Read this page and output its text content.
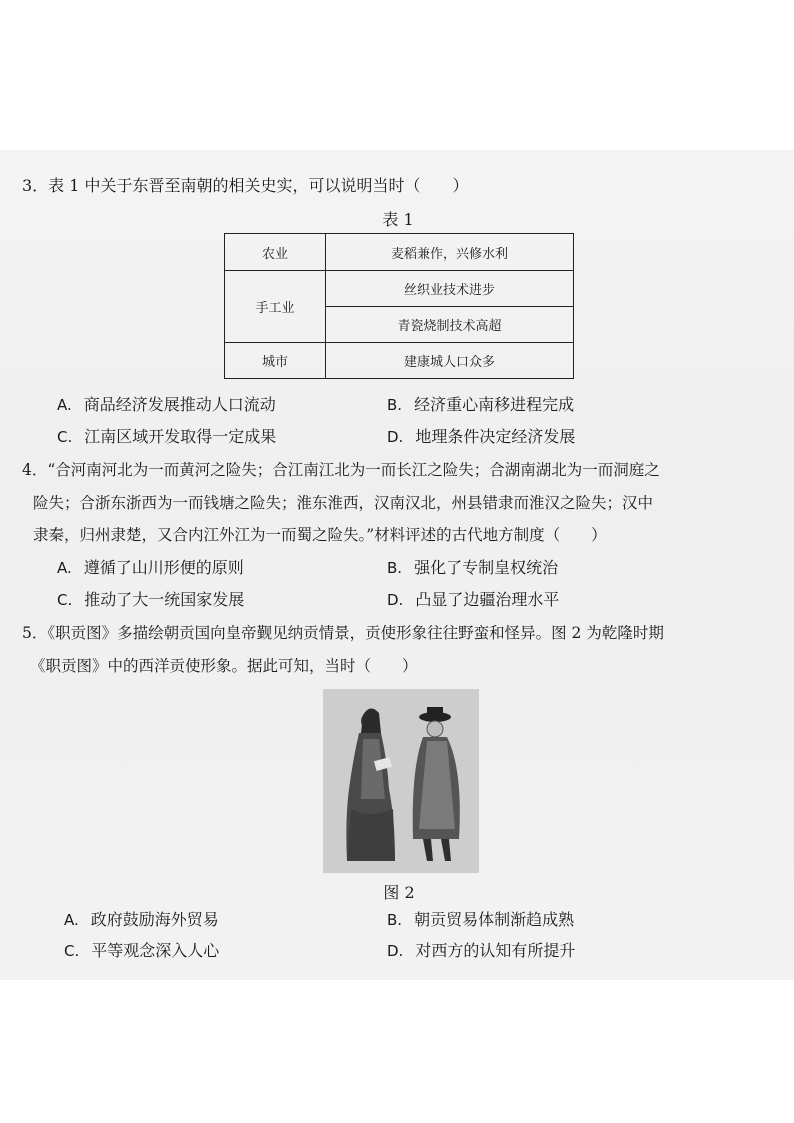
3．表 1 中关于东晋至南朝的相关史实，可以说明当时（　　）
表 1
农业	麦稻兼作，兴修水利
手工业	丝织业技术进步
	青瓷烧制技术高超
城市	建康城人口众多
A. 商品经济发展推动人口流动	B. 经济重心南移进程完成
C. 江南区域开发取得一定成果	D. 地理条件决定经济发展
4．“合河南河北为一而黄河之险失；合江南江北为一而长江之险失；合湖南湖北为一而洞庭之
险失；合浙东浙西为一而钱塘之险失；淮东淮西，汉南汉北，州县错隶而淮汉之险失；汉中
隶秦，归州隶楚，又合内江外江为一而蜀之险失。”材料评述的古代地方制度（　　）
A. 遵循了山川形便的原则	B. 强化了专制皇权统治
C. 推动了大一统国家发展	D. 凸显了边疆治理水平
5．《职贡图》多描绘朝贡国向皇帝觐见纳贡情景，贡使形象往往野蛮和怪异。图 2 为乾隆时期
《职贡图》中的西洋贡使形象。据此可知，当时（　　）
图 2
A. 政府鼓励海外贸易	B. 朝贡贸易体制渐趋成熟
C. 平等观念深入人心	D. 对西方的认知有所提升
